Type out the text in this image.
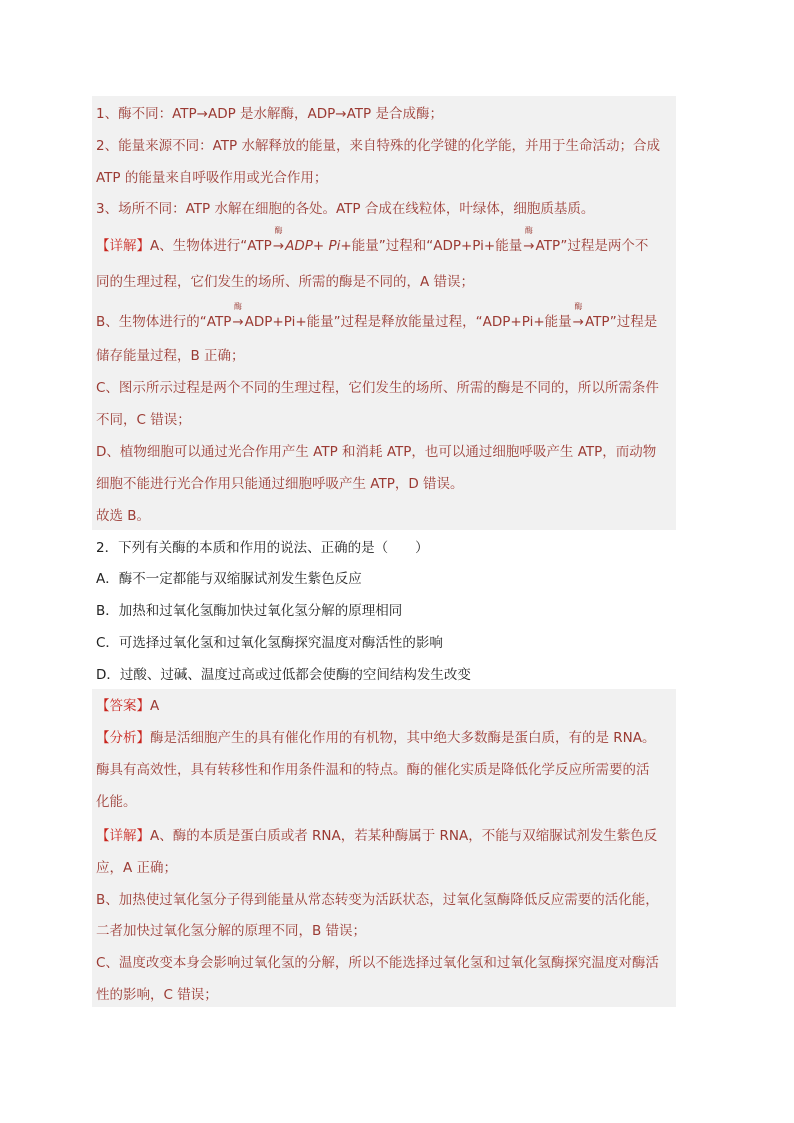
1、酶不同：ATP→ADP 是水解酶，ADP→ATP 是合成酶；
2、能量来源不同：ATP 水解释放的能量，来自特殊的化学键的化学能，并用于生命活动；合成
ATP 的能量来自呼吸作用或光合作用；
3、场所不同：ATP 水解在细胞的各处。ATP 合成在线粒体，叶绿体，细胞质基质。
【详解】A、生物体进行“ATP
酶
→ADP+ Pi+能量”过程和“ADP+Pi+能量
酶
→ATP”过程是两个不
同的生理过程，它们发生的场所、所需的酶是不同的，A 错误；
B、生物体进行的“ATP
酶
→ADP+Pi+能量”过程是释放能量过程，“ADP+Pi+能量
酶
→ATP”过程是
储存能量过程，B 正确；
C、图示所示过程是两个不同的生理过程，它们发生的场所、所需的酶是不同的，所以所需条件
不同，C 错误；
D、植物细胞可以通过光合作用产生 ATP 和消耗 ATP，也可以通过细胞呼吸产生 ATP，而动物
细胞不能进行光合作用只能通过细胞呼吸产生 ATP，D 错误。
故选 B。
2．下列有关酶的本质和作用的说法、正确的是（　　）
A．酶不一定都能与双缩脲试剂发生紫色反应
B．加热和过氧化氢酶加快过氧化氢分解的原理相同
C．可选择过氧化氢和过氧化氢酶探究温度对酶活性的影响
D．过酸、过碱、温度过高或过低都会使酶的空间结构发生改变
【答案】A
【分析】酶是活细胞产生的具有催化作用的有机物，其中绝大多数酶是蛋白质，有的是 RNA。
酶具有高效性，具有转移性和作用条件温和的特点。酶的催化实质是降低化学反应所需要的活
化能。
【详解】A、酶的本质是蛋白质或者 RNA，若某种酶属于 RNA，不能与双缩脲试剂发生紫色反
应，A 正确；
B、加热使过氧化氢分子得到能量从常态转变为活跃状态，过氧化氢酶降低反应需要的活化能，
二者加快过氧化氢分解的原理不同，B 错误；
C、温度改变本身会影响过氧化氢的分解，所以不能选择过氧化氢和过氧化氢酶探究温度对酶活
性的影响，C 错误；
